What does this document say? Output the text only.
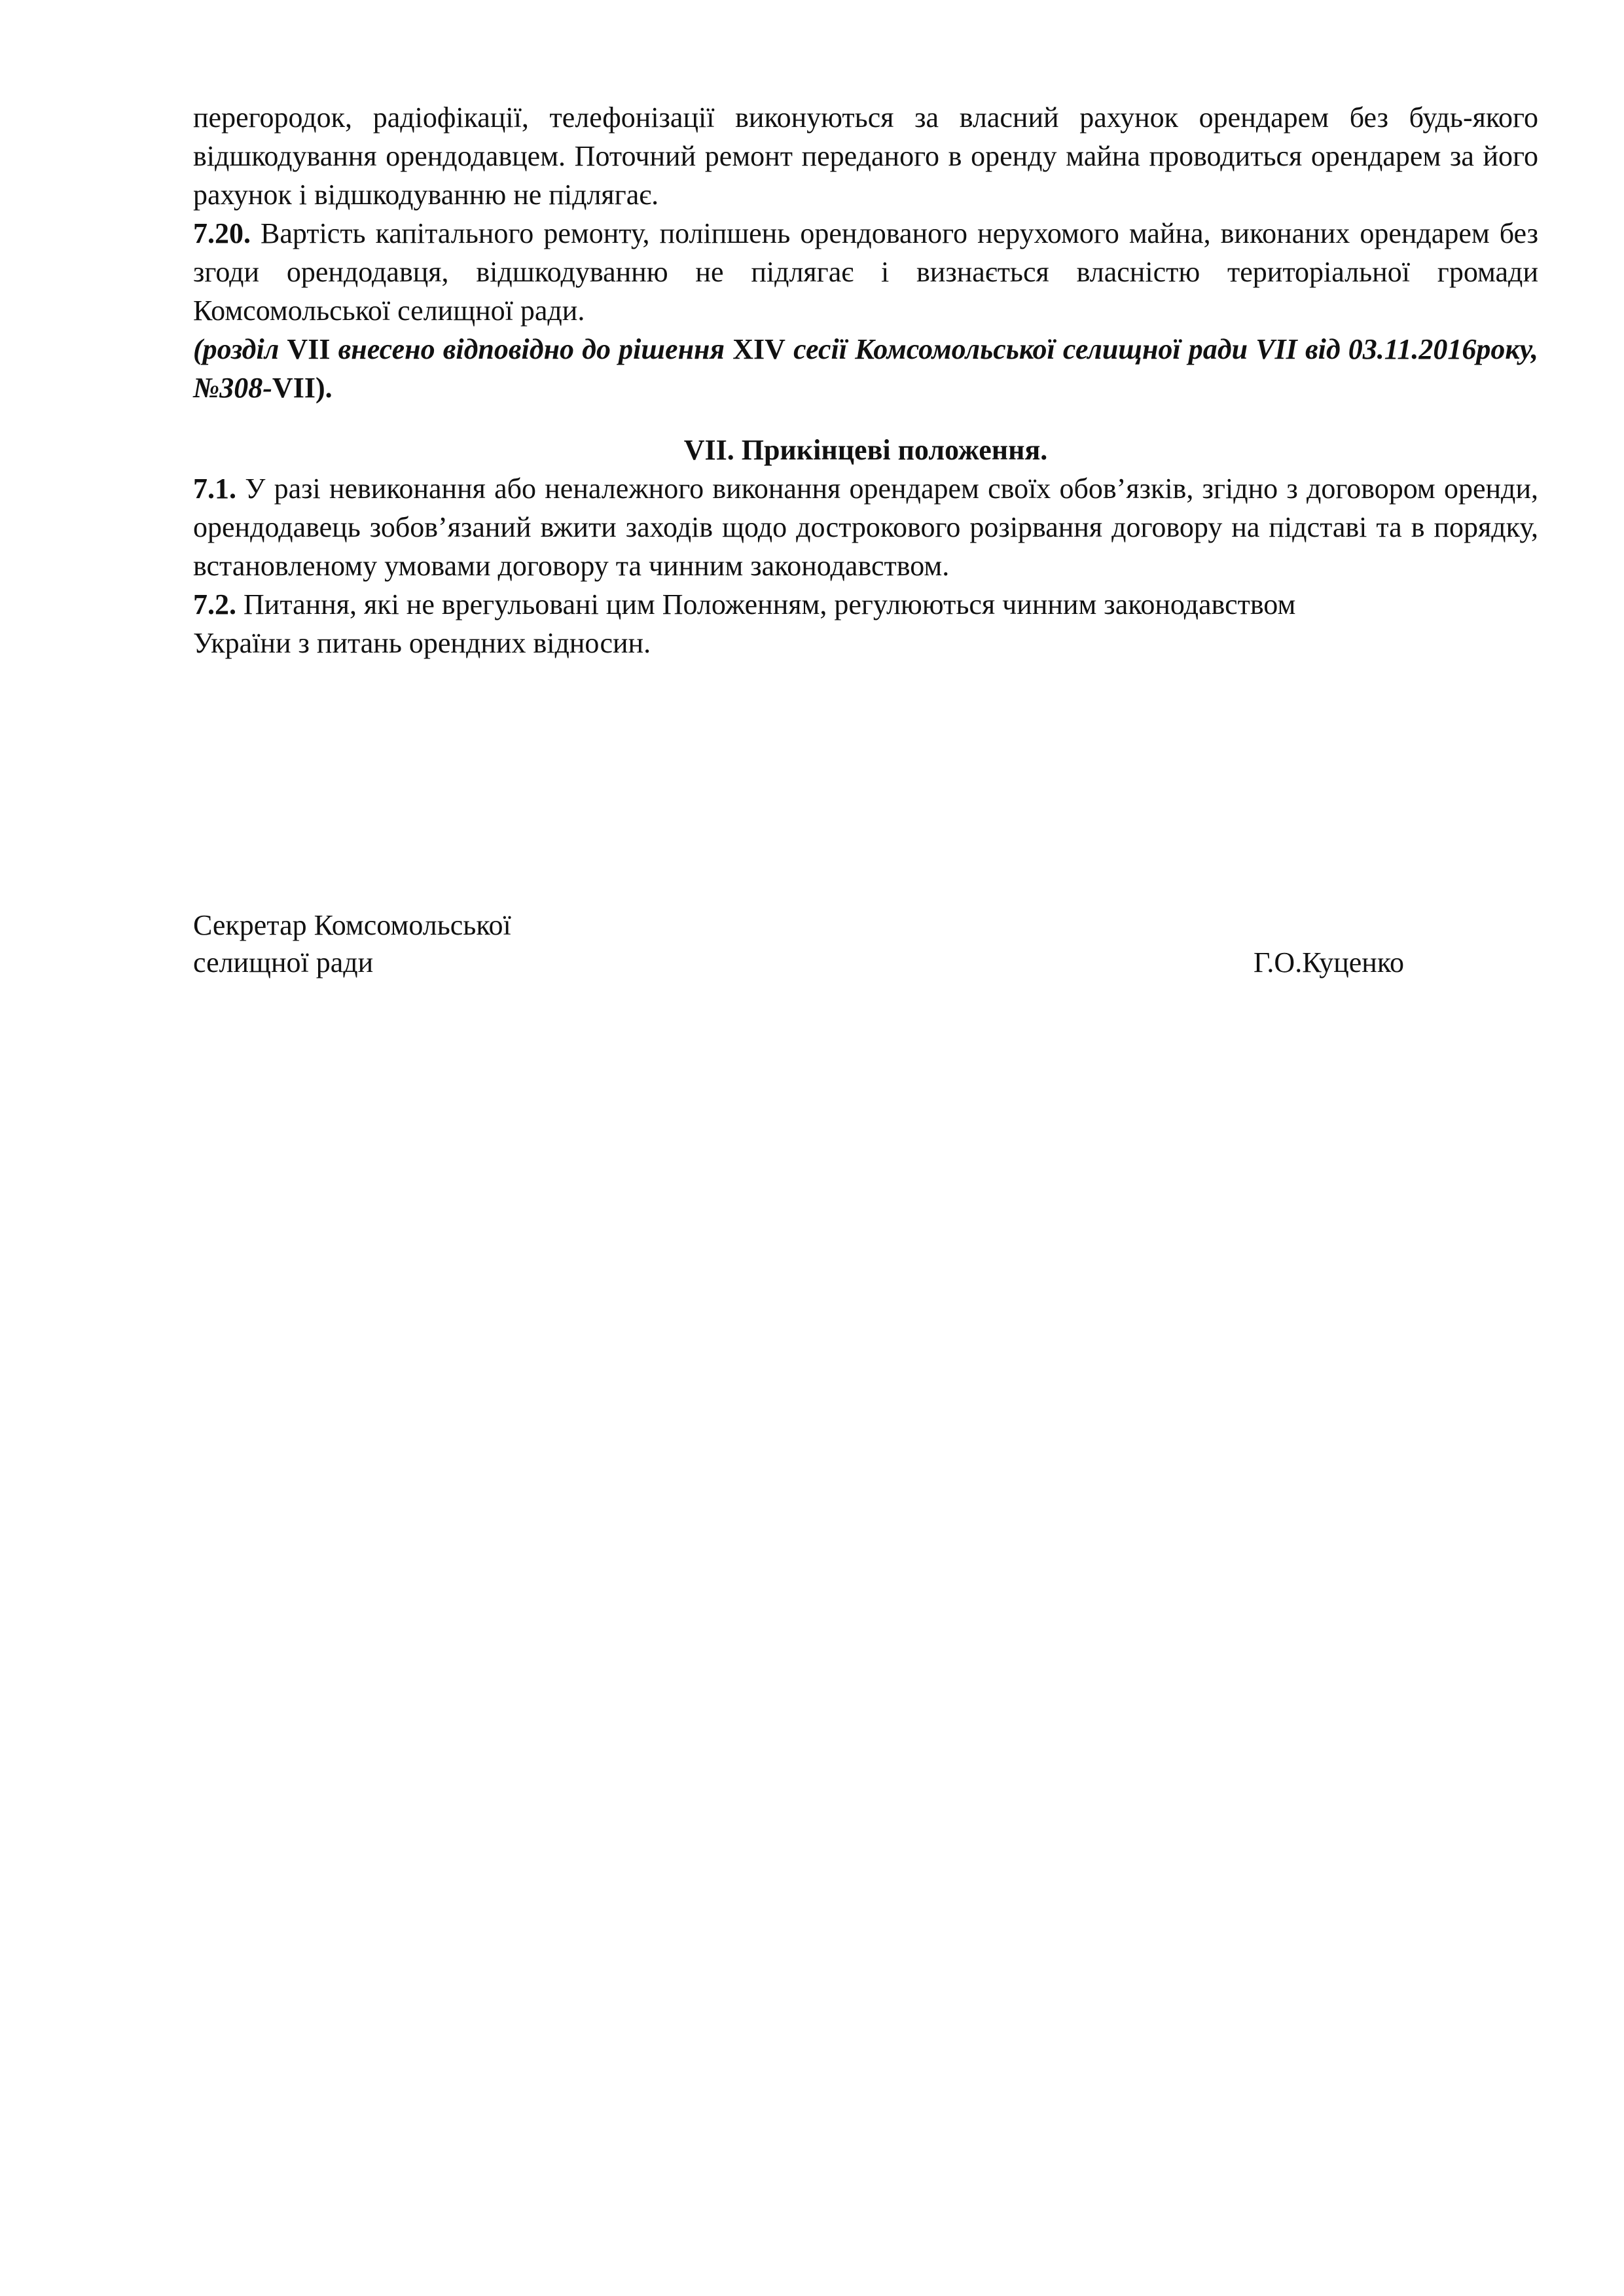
перегородок, радіофікації, телефонізації виконуються за власний рахунок орендарем без будь-якого відшкодування орендодавцем. Поточний ремонт переданого в оренду майна проводиться орендарем за його рахунок і відшкодуванню не підлягає.

7.20. Вартість капітального ремонту, поліпшень орендованого нерухомого майна, виконаних орендарем без згоди орендодавця, відшкодуванню не підлягає і визнається власністю територіальної громади Комсомольської селищної ради.

(розділ VII внесено відповідно до рішення XIV сесії Комсомольської селищної ради VII від 03.11.2016року, №308-VII).

VII. Прикінцеві положення.

7.1. У разі невиконання або неналежного виконання орендарем своїх обов’язків, згідно з договором оренди, орендодавець зобов’язаний вжити заходів щодо дострокового розірвання договору на підставі та в порядку, встановленому умовами договору та чинним законодавством.

7.2. Питання, які не врегульовані цим Положенням, регулюються чинним законодавством
України з питань орендних відносин.

Секретар Комсомольської
селищної ради	Г.О.Куценко
